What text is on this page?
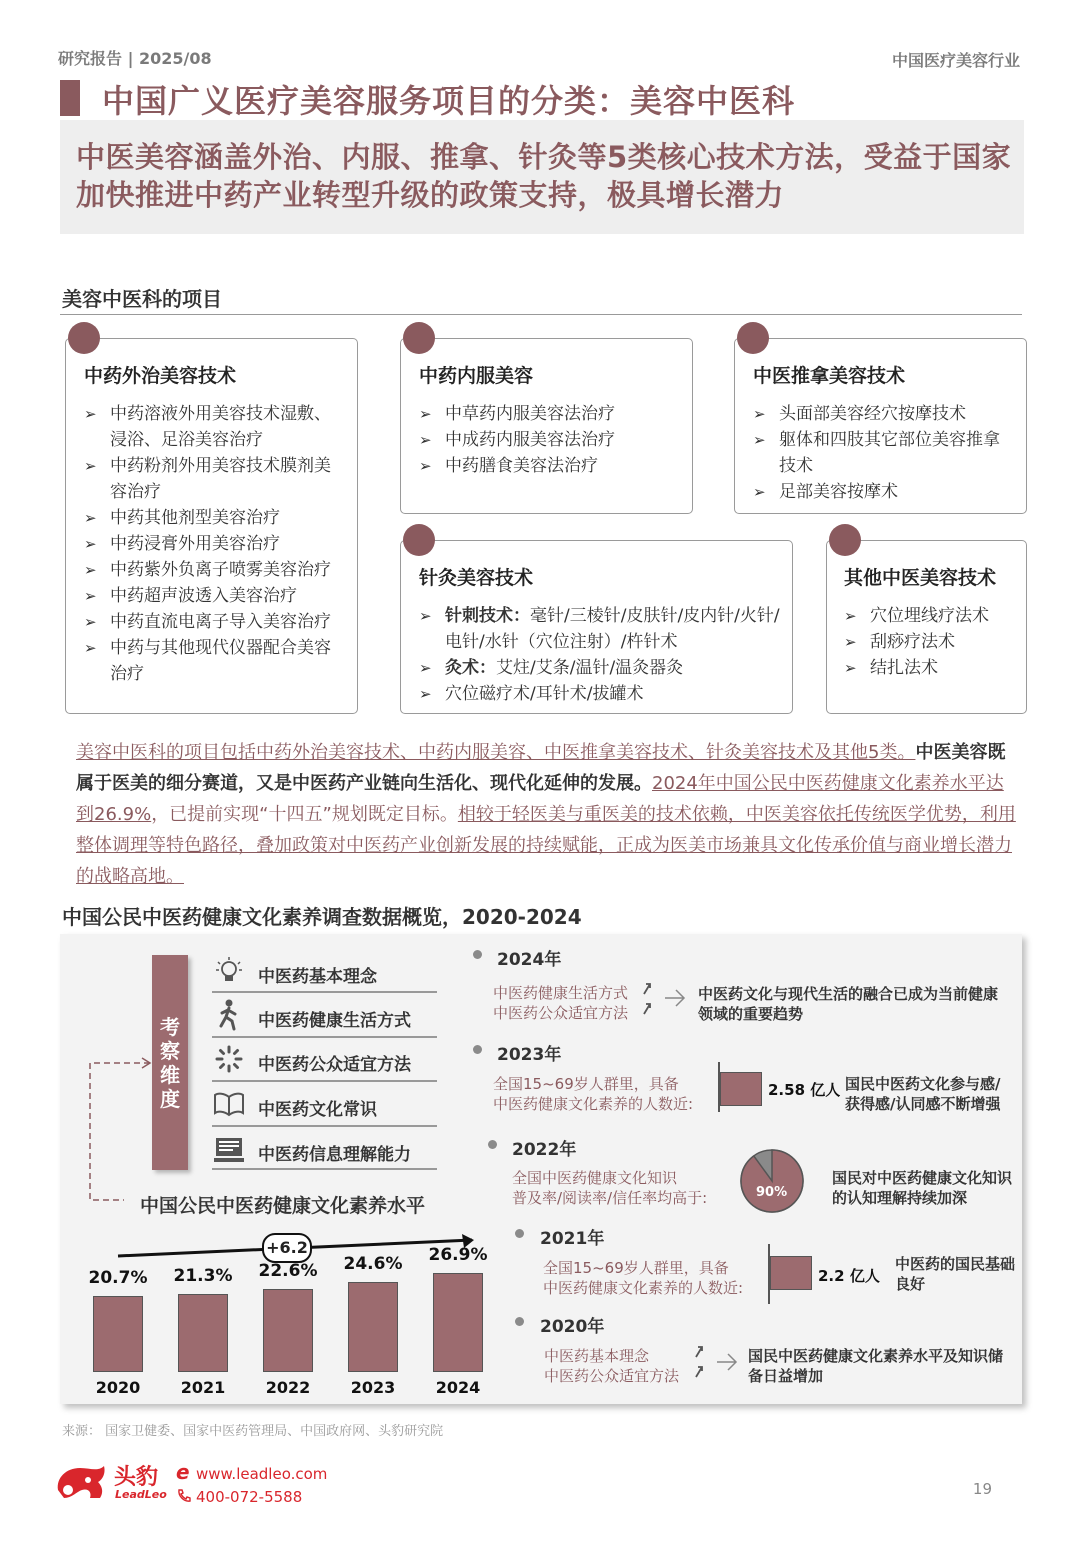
研究报告 | 2025/08	中国医疗美容行业
中国广义医疗美容服务项目的分类：美容中医科
中医美容涵盖外治、内服、推拿、针灸等5类核心技术方法，受益于国家加快推进中药产业转型升级的政策支持，极具增长潜力
美容中医科的项目
中药外治美容技术
➢ 中药溶液外用美容技术湿敷、浸浴、足浴美容治疗
➢ 中药粉剂外用美容技术膜剂美容治疗
➢ 中药其他剂型美容治疗
➢ 中药浸膏外用美容治疗
➢ 中药紫外负离子喷雾美容治疗
➢ 中药超声波透入美容治疗
➢ 中药直流电离子导入美容治疗
➢ 中药与其他现代仪器配合美容治疗
中药内服美容
➢ 中草药内服美容法治疗
➢ 中成药内服美容法治疗
➢ 中药膳食美容法治疗
中医推拿美容技术
➢ 头面部美容经穴按摩技术
➢ 躯体和四肢其它部位美容推拿技术
➢ 足部美容按摩术
针灸美容技术
➢ 针刺技术：毫针/三棱针/皮肤针/皮内针/火针/电针/水针（穴位注射）/杵针术
➢ 灸术：艾炷/艾条/温针/温灸器灸
➢ 穴位磁疗术/耳针术/拔罐术
其他中医美容技术
➢ 穴位埋线疗法术
➢ 刮痧疗法术
➢ 结扎法术
美容中医科的项目包括中药外治美容技术、中药内服美容、中医推拿美容技术、针灸美容技术及其他5类。中医美容既属于医美的细分赛道，又是中医药产业链向生活化、现代化延伸的发展。2024年中国公民中医药健康文化素养水平达到26.9%，已提前实现“十四五”规划既定目标。相较于轻医美与重医美的技术依赖，中医美容依托传统医学优势，利用整体调理等特色路径，叠加政策对中医药产业创新发展的持续赋能，正成为医美市场兼具文化传承价值与商业增长潜力的战略高地。
中国公民中医药健康文化素养调查数据概览，2020-2024
考察维度
中医药基本理念
中医药健康生活方式
中医药公众适宜方法
中医药文化常识
中医药信息理解能力
中国公民中医药健康文化素养水平
+6.2
20.7%
2020
21.3%
2021
22.6%
2022
24.6%
2023
26.9%
2024
2024年
中医药健康生活方式
中医药公众适宜方法
中医药文化与现代生活的融合已成为当前健康领域的重要趋势
2023年
全国15~69岁人群里，具备
中医药健康文化素养的人数近:
2.58 亿人 国民中医药文化参与感/获得感/认同感不断增强
2022年
全国中医药健康文化知识
普及率/阅读率/信任率均高于:	90%
国民对中医药健康文化知识的认知理解持续加深
2021年
全国15~69岁人群里，具备
中医药健康文化素养的人数近:
2.2 亿人
中医药的国民基础良好
2020年
中医药基本理念
中医药公众适宜方法
国民中医药健康文化素养水平及知识储备日益增加
来源： 国家卫健委、国家中医药管理局、中国政府网、头豹研究院
头豹
LeadLeo
e www.leadleo.com
400-072-5588	19
